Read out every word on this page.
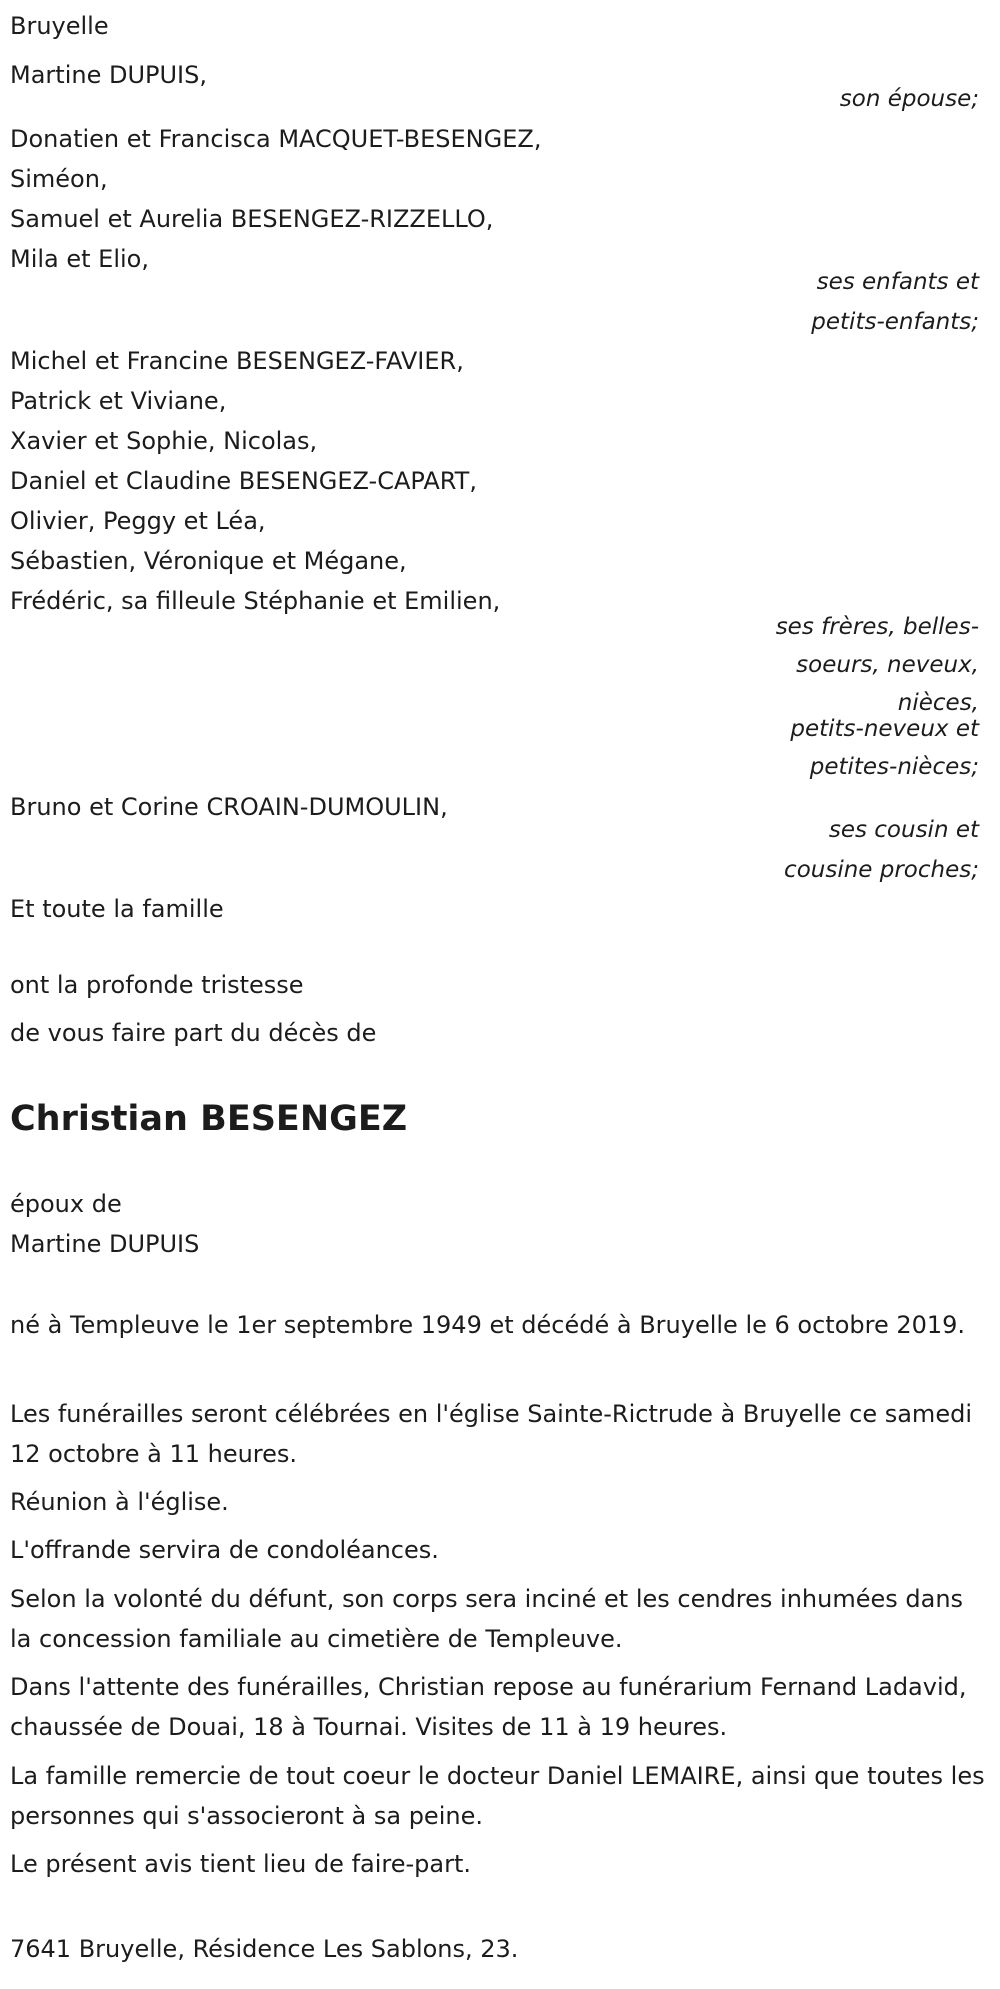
Bruyelle

Martine DUPUIS,

son épouse;

Donatien et Francisca MACQUET-BESENGEZ,

Siméon,

Samuel et Aurelia BESENGEZ-RIZZELLO,

Mila et Elio,

ses enfants et

petits-enfants;

Michel et Francine BESENGEZ-FAVIER,

Patrick et Viviane,

Xavier et Sophie, Nicolas,

Daniel et Claudine BESENGEZ-CAPART,

Olivier, Peggy et Léa,

Sébastien, Véronique et Mégane,

Frédéric, sa filleule Stéphanie et Emilien,

ses frères, belles-

soeurs, neveux,

nièces,

petits-neveux et

petites-nièces;

Bruno et Corine CROAIN-DUMOULIN,

ses cousin et

cousine proches;

Et toute la famille

ont la profonde tristesse

de vous faire part du décès de

Christian BESENGEZ

époux de

Martine DUPUIS

né à Templeuve le 1er septembre 1949 et décédé à Bruyelle le 6 octobre 2019.

Les funérailles seront célébrées en l'église Sainte-Rictrude à Bruyelle ce samedi 12 octobre à 11 heures.

Réunion à l'église.

L'offrande servira de condoléances.

Selon la volonté du défunt, son corps sera inciné et les cendres inhumées dans la concession familiale au cimetière de Templeuve.

Dans l'attente des funérailles, Christian repose au funérarium Fernand Ladavid, chaussée de Douai, 18 à Tournai. Visites de 11 à 19 heures.

La famille remercie de tout coeur le docteur Daniel LEMAIRE, ainsi que toutes les personnes qui s'associeront à sa peine.

Le présent avis tient lieu de faire-part.

7641 Bruyelle, Résidence Les Sablons, 23.
